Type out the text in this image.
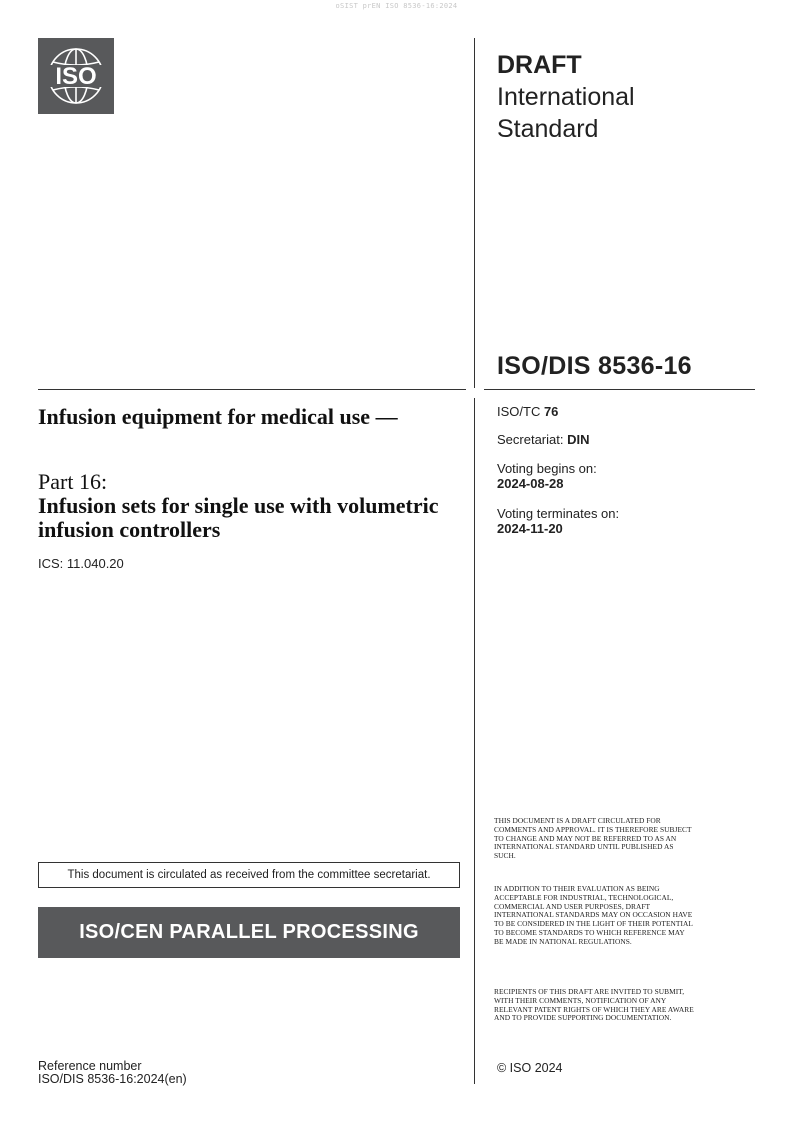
oSIST prEN ISO 8536-16:2024
ISO	DRAFT
International
Standard
ISO/DIS 8536-16
Infusion equipment for medical use —
Part 16:
Infusion sets for single use with volumetric infusion controllers
ICS: 11.040.20
ISO/TC 76
Secretariat: DIN
Voting begins on:
2024-08-28
Voting terminates on:
2024-11-20
This document is circulated as received from the committee secretariat.
ISO/CEN PARALLEL PROCESSING
Reference number
ISO/DIS 8536-16:2024(en)
THIS DOCUMENT IS A DRAFT CIRCULATED FOR COMMENTS AND APPROVAL. IT IS THEREFORE SUBJECT TO CHANGE AND MAY NOT BE REFERRED TO AS AN INTERNATIONAL STANDARD UNTIL PUBLISHED AS SUCH.
IN ADDITION TO THEIR EVALUATION AS BEING ACCEPTABLE FOR INDUSTRIAL, TECHNOLOGICAL, COMMERCIAL AND USER PURPOSES, DRAFT INTERNATIONAL STANDARDS MAY ON OCCASION HAVE TO BE CONSIDERED IN THE LIGHT OF THEIR POTENTIAL TO BECOME STANDARDS TO WHICH REFERENCE MAY BE MADE IN NATIONAL REGULATIONS.
RECIPIENTS OF THIS DRAFT ARE INVITED TO SUBMIT, WITH THEIR COMMENTS, NOTIFICATION OF ANY RELEVANT PATENT RIGHTS OF WHICH THEY ARE AWARE AND TO PROVIDE SUPPORTING DOCUMENTATION.
© ISO 2024
